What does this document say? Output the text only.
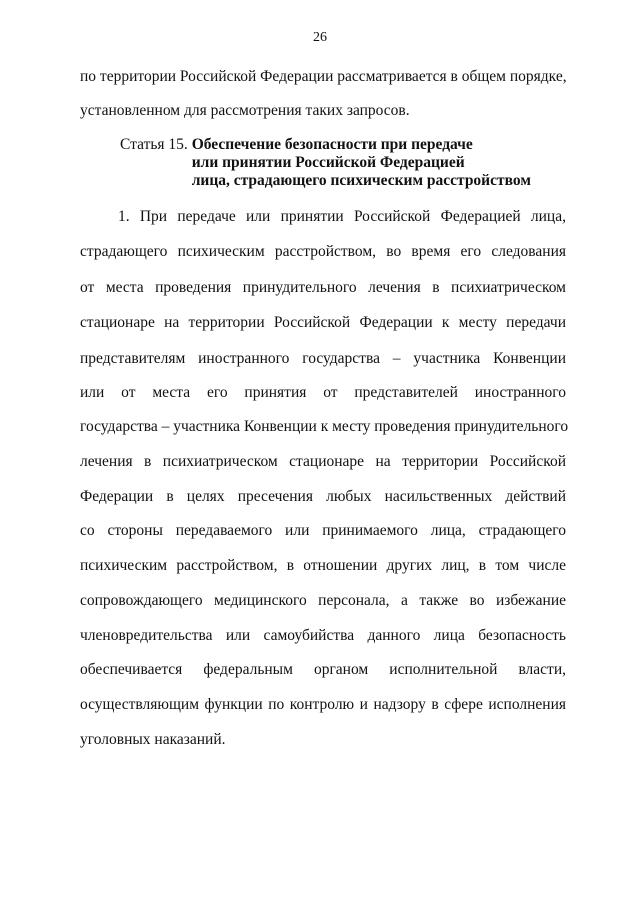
26
по территории Российской Федерации рассматривается в общем порядке,
установленном для рассмотрения таких запросов.
Статья 15. Обеспечение безопасности при передаче
или принятии Российской Федерацией
лица, страдающего психическим расстройством
1. При передаче или принятии Российской Федерацией лица,
страдающего психическим расстройством, во время его следования
от места проведения принудительного лечения в психиатрическом
стационаре на территории Российской Федерации к месту передачи
представителям иностранного государства – участника Конвенции
или от места его принятия от представителей иностранного
государства – участника Конвенции к месту проведения принудительного
лечения в психиатрическом стационаре на территории Российской
Федерации в целях пресечения любых насильственных действий
со стороны передаваемого или принимаемого лица, страдающего
психическим расстройством, в отношении других лиц, в том числе
сопровождающего медицинского персонала, а также во избежание
членовредительства или самоубийства данного лица безопасность
обеспечивается федеральным органом исполнительной власти,
осуществляющим функции по контролю и надзору в сфере исполнения
уголовных наказаний.
